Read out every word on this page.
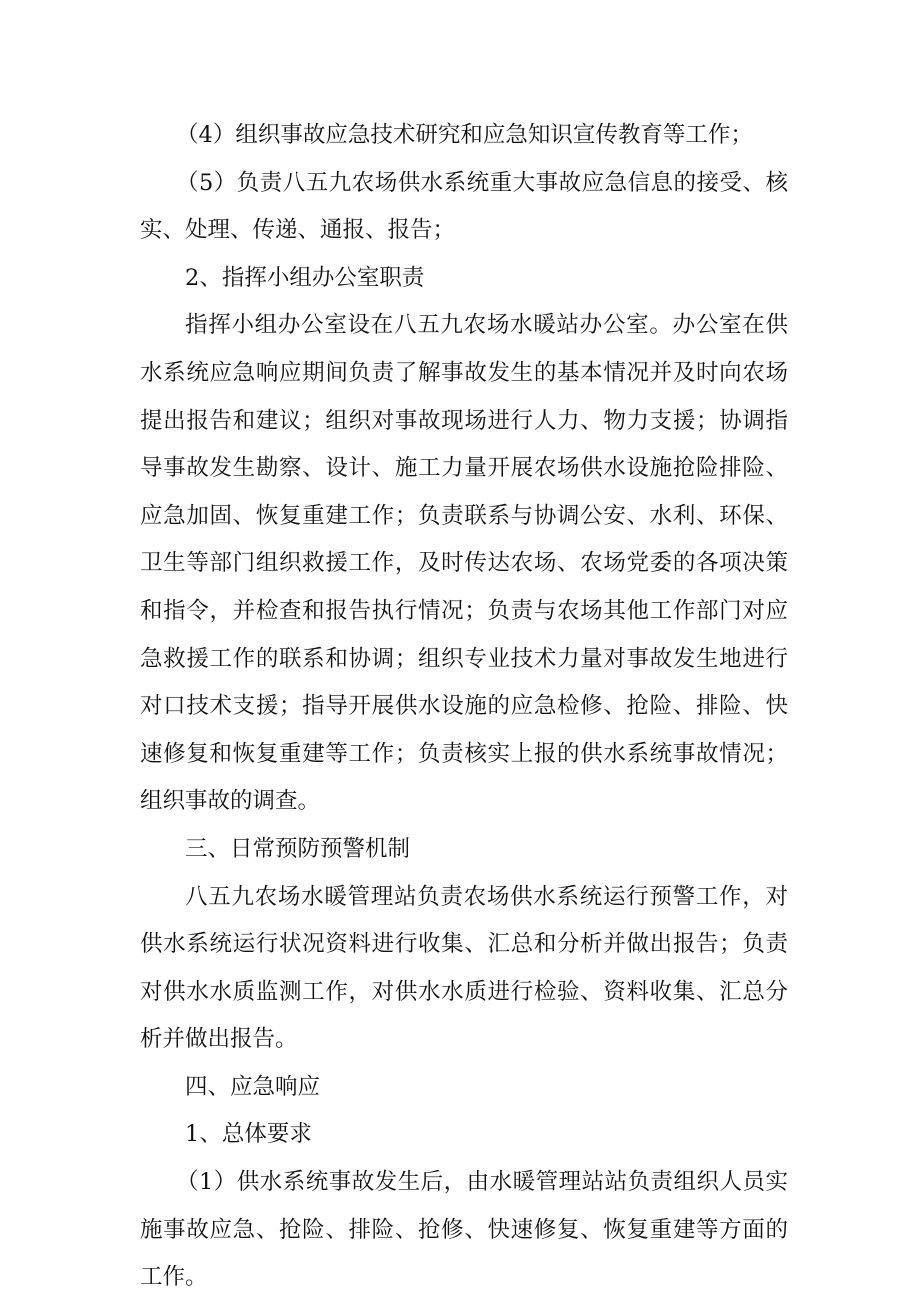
（4）组织事故应急技术研究和应急知识宣传教育等工作；

（5）负责八五九农场供水系统重大事故应急信息的接受、核实、处理、传递、通报、报告；

2、指挥小组办公室职责

指挥小组办公室设在八五九农场水暖站办公室。办公室在供水系统应急响应期间负责了解事故发生的基本情况并及时向农场提出报告和建议；组织对事故现场进行人力、物力支援；协调指导事故发生勘察、设计、施工力量开展农场供水设施抢险排险、应急加固、恢复重建工作；负责联系与协调公安、水利、环保、卫生等部门组织救援工作，及时传达农场、农场党委的各项决策和指令，并检查和报告执行情况；负责与农场其他工作部门对应急救援工作的联系和协调；组织专业技术力量对事故发生地进行对口技术支援；指导开展供水设施的应急检修、抢险、排险、快速修复和恢复重建等工作；负责核实上报的供水系统事故情况；组织事故的调查。

三、日常预防预警机制

八五九农场水暖管理站负责农场供水系统运行预警工作，对供水系统运行状况资料进行收集、汇总和分析并做出报告；负责对供水水质监测工作，对供水水质进行检验、资料收集、汇总分析并做出报告。

四、应急响应

1、总体要求

（1）供水系统事故发生后，由水暖管理站站负责组织人员实施事故应急、抢险、排险、抢修、快速修复、恢复重建等方面的工作。
